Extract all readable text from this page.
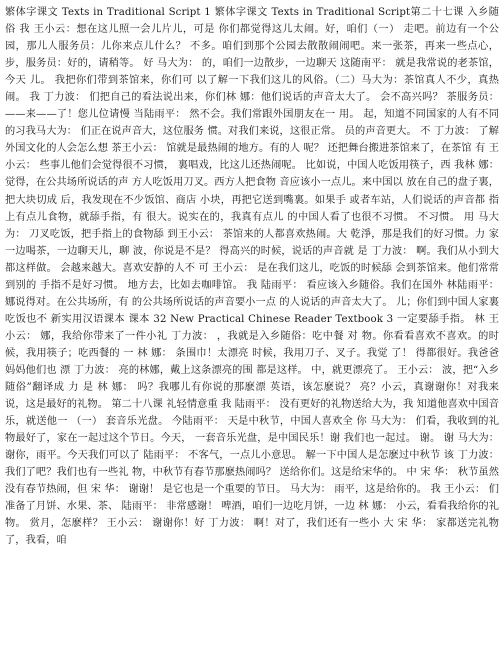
繁体字课文 Texts in Traditional Script 1 繁体字课文 Texts in Traditional Script第二十七课 入乡随俗 我 王小云：想在这儿照一会儿片儿，可是 你们都觉得这儿太闹。好，咱们（一） 走吧。前边有一个公园，那儿人服务员：儿你来点儿什么？ 不多。咱们到那个公园去散散闹闹吧。来一张茶，再来一些点心， 步，服务员：好的，请稍等。 好 马大为： 的，咱们一边散步，一边聊天 这随南平： 就是我常说的老茶馆，今天 儿。 我把你们带到茶馆来，你们可 以了解一下我们这儿的风俗。（二）马大为：茶馆真人不少，真热闹。 我 丁力波： 们把自己的看法说出来，你们林 娜：他们说话的声音太大了。 会不高兴吗？ 茶服务员：——来——了！您儿位请慢 当陆雨平： 然不会。我们常跟外国朋友在一 用。 起，知道不同国家的人有不同的习我马大为： 们正在说声音大，这位服务 惯。对我们来说，这很正常。 员的声音更大。 不 丁力波： 了解外国文化的人会怎么想 茶王小云： 馆就是最热闹的地方。有的人 呢？ 还把舞台搬进茶馆来了，在茶馆 有 王小云： 些事儿他们会觉得很不习惯， 裏唱戏，比这儿还热闹呢。 比如说，中国人吃饭用筷子，西 我林 娜： 觉得，在公共场所说话的声 方人吃饭用刀叉。西方人把食物 音应该小一点儿。来中国以 放在自己的盘子裏，把大块切成 后，我发现在不少饭馆、商店 小块，再把它送到嘴裏。如果手 或者车站，人们说话的声音都 指上有点儿食物，就舔手指，有 很大。说实在的，我真有点儿 的中国人看了也很不习惯。 不习惯。 用 马大为： 刀叉吃饭，把手指上的食物舔 到王小云： 茶馆来的人都喜欢热闹。大 乾淨，那是我们的好习惯。力 家一边喝茶，一边聊天儿，聊 波，你说是不是？ 得高兴的时候，说话的声音就 是 丁力波： 啊。我们从小到大都这样做。 会越来越大。喜欢安静的人不 可 王小云： 是在我们这儿，吃饭的时候舔 会到茶馆来。他们常常到别的 手指不是好习惯。 地方去，比如去咖啡馆。 我 陆雨平： 看应该入乡随俗。我们在国外 林陆雨平： 娜说得对。在公共场所，有 的公共场所说话的声音要小一点 的人说话的声音太大了。 儿；你们到中国人家裏吃饭也不 新实用汉语课本 课本 32 New Practical Chinese Reader Textbook 3 一定要舔手指。 林 王小云： 娜，我给你带来了一件小礼 丁力波： ，我就是入乡随俗：吃中餐 对 物。你看看喜欢不喜欢。的时候，我用筷子；吃西餐的 一 林 娜： 条围巾！太漂亮 时候，我用刀子、叉子。我觉 了！ 得都很好。我爸爸妈妈他们也 漂 丁力波： 亮的林娜，戴上这条漂亮的围 都是这样。 中，就更漂亮了。 王小云： 波，把“入乡随俗”翻译成 力 是 林 娜： 吗？我哪儿有你说的那麽漂 英语，该怎麽说？ 亮？小云，真谢谢你！对我来 说，这是最好的礼物。 第二十八课 礼轻情意重 我 陆雨平： 没有更好的礼物送给大为，我 知道他喜欢中国音乐，就送他一 （一） 套音乐光盘。 今陆雨平： 天是中秋节，中国人喜欢全 你 马大为： 们看，我收到的礼物最好了，家在一起过这个节日。今天， 一套音乐光盘，是中国民乐！谢 我们也一起过。 谢。 谢 马大为： 谢你，雨平。今天我们可以了 陆雨平： 不客气，一点儿小意思。 解一下中国人是怎麽过中秋节 该 丁力波： 我们了吧？我们也有一些礼 物，中秋节有春节那麽热闹吗？ 送给你们。这是给宋华的。 中 宋 华： 秋节虽然没有春节热闹，但 宋 华： 谢谢！ 是它也是一个重要的节日。 马大为： 雨平，这是给你的。 我 王小云： 们准备了月饼、水果、茶、 陆雨平： 非常感谢！ 啤酒，咱们一边吃月饼，一边 林 娜： 小云，看看我给你的礼物。 赏月，怎麽样？ 王小云： 谢谢你！好 丁力波： 啊！对了，我们还有一些小 大 宋 华： 家都送完礼物了，我看，咱
